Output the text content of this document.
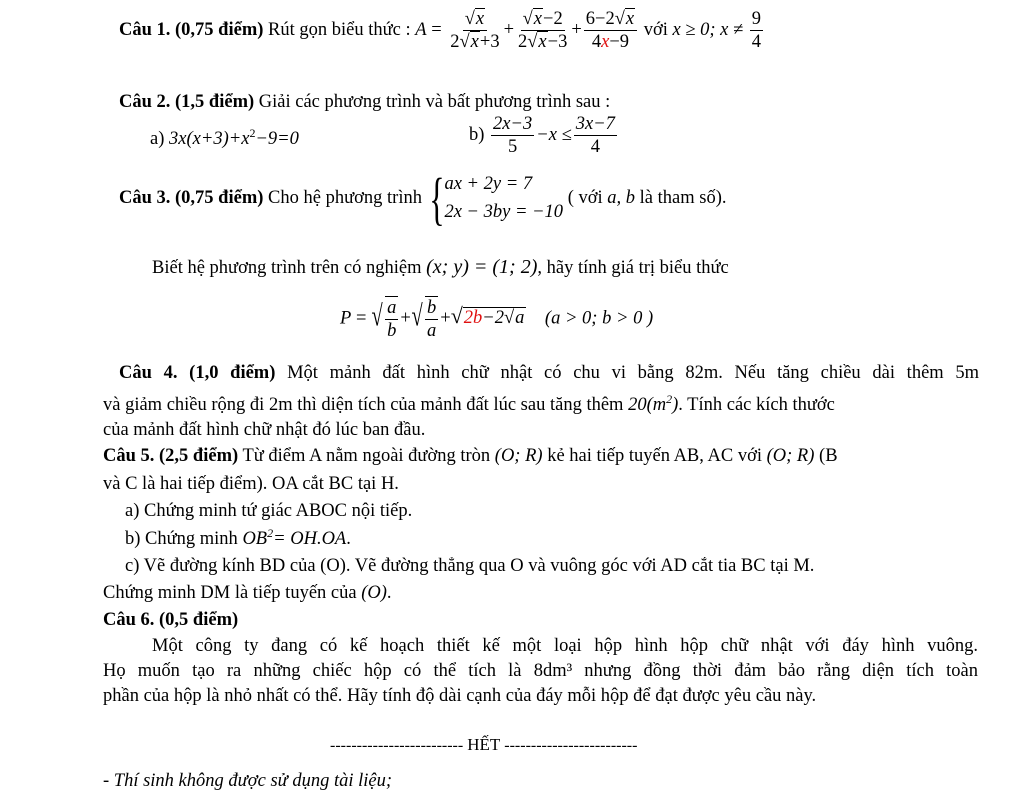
Câu 1. (0,75 điểm) Rút gọn biểu thức : $A = \frac{√x}{2√x+3} + \frac{√x-2}{2√x-3} + \frac{6-2√x}{4x-9}$ với x ≥ 0; $x \ne \frac{9}{4}$
Câu 2. (1,5 điểm) Giải các phương trình và bất phương trình sau :
a) $3x(x+3)+x^2-9=0$	$b) \frac{2x-3}{5} -x \le \frac{3x-7}{4}$
Câu 3. (0,75 điểm) Cho hệ phương trình { ax + 2y = 7
2x − 3by = −10
( với a, b là tham số).
Biết hệ phương trình trên có nghiệm (x; y) = (1; 2), hãy tính giá trị biểu thức
P = √ $\frac{a}{b}$ +√ $\frac{b}{a} +√2b-2√a$ (a > 0; b > 0 )
Câu 4. (1,0 điểm) Một mảnh đất hình chữ nhật có chu vi bằng 82m. Nếu tăng chiều dài thêm 5m
và giảm chiều rộng đi 2m thì diện tích của mảnh đất lúc sau tăng thêm $20(m^2)$. Tính các kích thước
của mảnh đất hình chữ nhật đó lúc ban đầu.
Câu 5. (2,5 điểm) Từ điểm A nằm ngoài đường tròn (O; R) kẻ hai tiếp tuyến AB, AC với (O; R) (B
và C là hai tiếp điểm). OA cắt BC tại H.
a) Chứng minh tứ giác ABOC nội tiếp.
b) Chứng minh $OB^2= OH.OA$.
c) Vẽ đường kính BD của (O). Vẽ đường thẳng qua O và vuông góc với AD cắt tia BC tại M.
Chứng minh DM là tiếp tuyến của (O).
Câu 6. (0,5 điểm)
Một công ty đang có kế hoạch thiết kế một loại hộp hình hộp chữ nhật với đáy hình vuông.
Họ muốn tạo ra những chiếc hộp có thể tích là 8dm³ nhưng đồng thời đảm bảo rằng diện tích toàn
phần của hộp là nhỏ nhất có thể. Hãy tính độ dài cạnh của đáy mỗi hộp để đạt được yêu cầu này.
------------------------- HẾT -------------------------
- Thí sinh không được sử dụng tài liệu;
